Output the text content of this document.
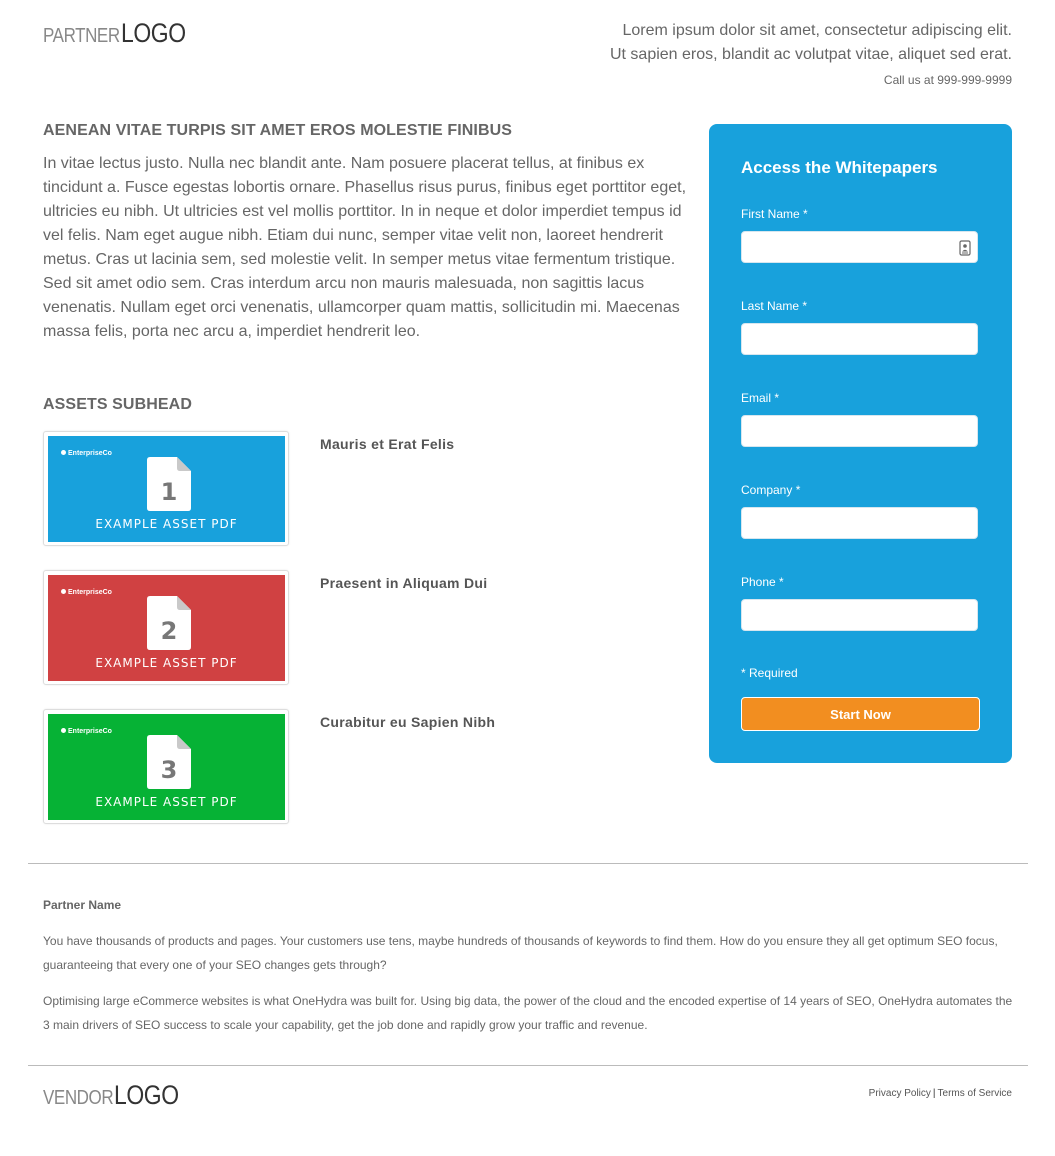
PARTNERLOGO	Lorem ipsum dolor sit amet, consectetur adipiscing elit.
Ut sapien eros, blandit ac volutpat vitae, aliquet sed erat.
Call us at 999-999-9999
AENEAN VITAE TURPIS SIT AMET EROS MOLESTIE FINIBUS
In vitae lectus justo. Nulla nec blandit ante. Nam posuere placerat tellus, at finibus ex tincidunt a. Fusce egestas lobortis ornare. Phasellus risus purus, finibus eget porttitor eget, ultricies eu nibh. Ut ultricies est vel mollis porttitor. In in neque et dolor imperdiet tempus id vel felis. Nam eget augue nibh. Etiam dui nunc, semper vitae velit non, laoreet hendrerit metus. Cras ut lacinia sem, sed molestie velit. In semper metus vitae fermentum tristique. Sed sit amet odio sem. Cras interdum arcu non mauris malesuada, non sagittis lacus venenatis. Nullam eget orci venenatis, ullamcorper quam mattis, sollicitudin mi. Maecenas massa felis, porta nec arcu a, imperdiet hendrerit leo.
ASSETS SUBHEAD
EnterpriseCo
1
EXAMPLE ASSET PDF
Mauris et Erat Felis
EnterpriseCo
2
EXAMPLE ASSET PDF
Praesent in Aliquam Dui
EnterpriseCo
3
EXAMPLE ASSET PDF
Curabitur eu Sapien Nibh
Access the Whitepapers
First Name *
Last Name *
Email *
Company *
Phone *
* Required
Start Now
Partner Name
You have thousands of products and pages. Your customers use tens, maybe hundreds of thousands of keywords to find them. How do you ensure they all get optimum SEO focus, guaranteeing that every one of your SEO changes gets through?
Optimising large eCommerce websites is what OneHydra was built for. Using big data, the power of the cloud and the encoded expertise of 14 years of SEO, OneHydra automates the 3 main drivers of SEO success to scale your capability, get the job done and rapidly grow your traffic and revenue.
VENDORLOGO	Privacy Policy | Terms of Service
